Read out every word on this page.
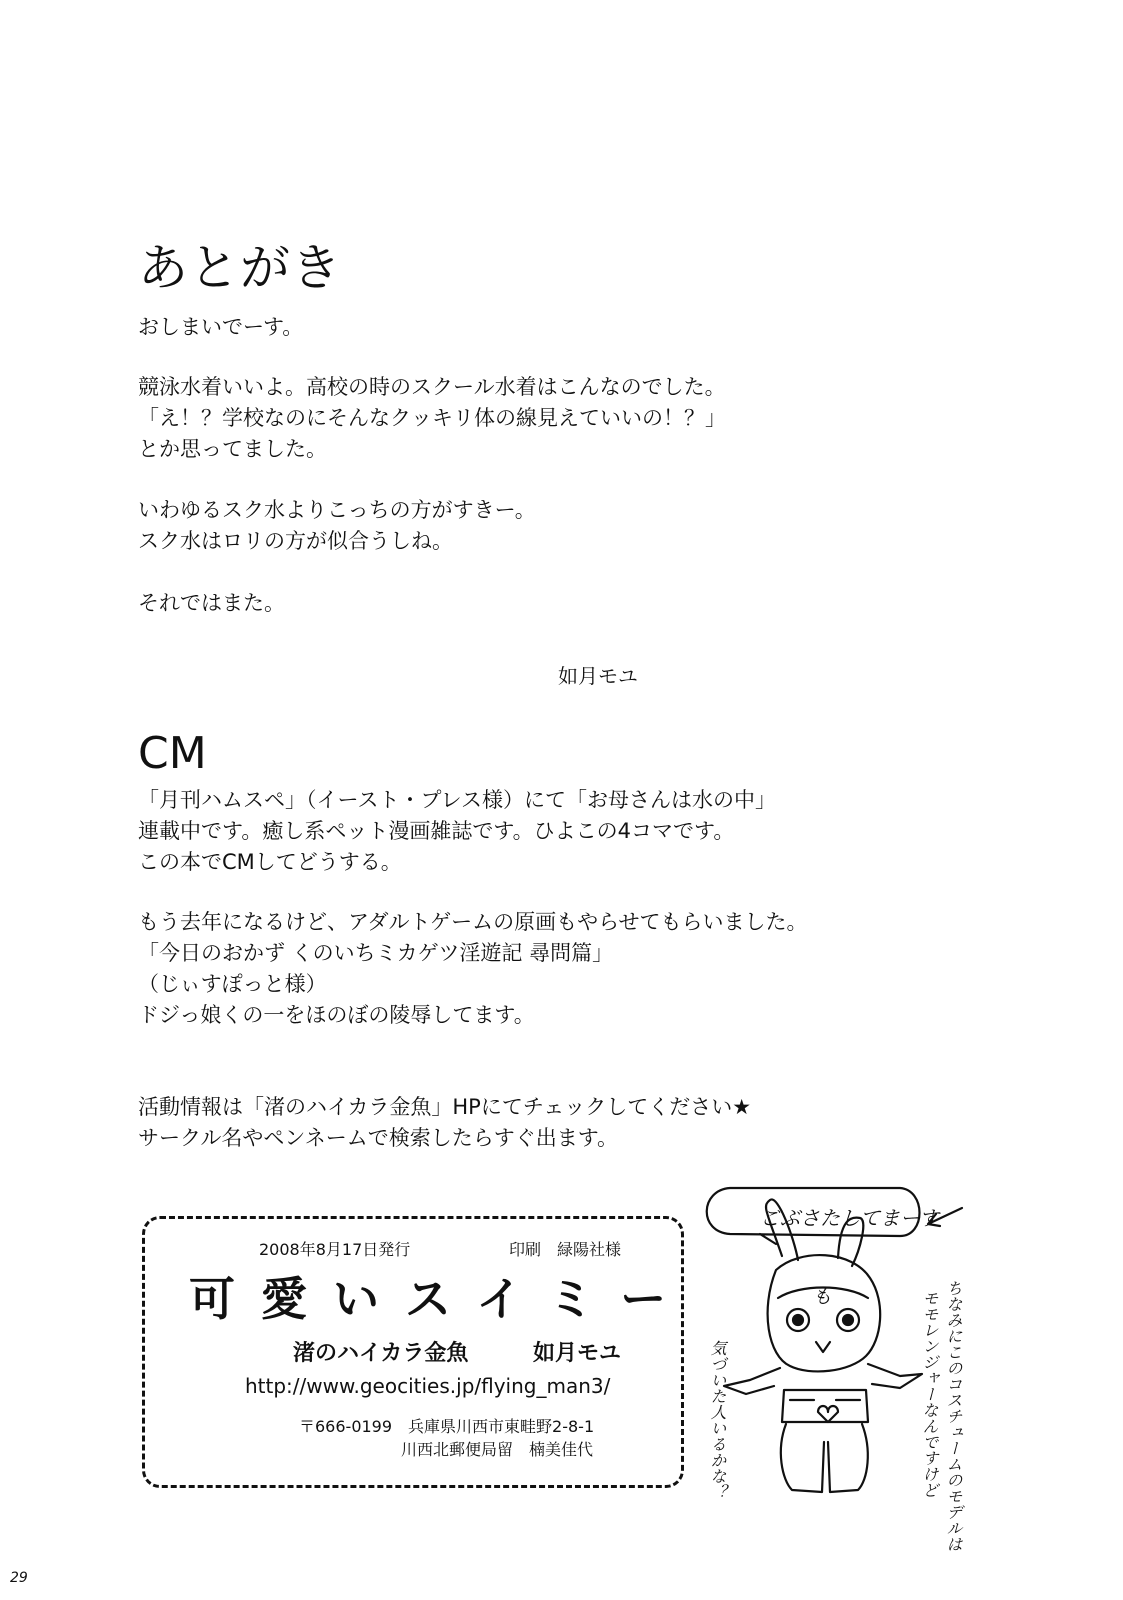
あとがき
おしまいでーす。
競泳水着いいよ。高校の時のスクール水着はこんなのでした。
「え！？学校なのにそんなクッキリ体の線見えていいの！？」
とか思ってました。
いわゆるスク水よりこっちの方がすきー。
スク水はロリの方が似合うしね。
それではまた。
如月モユ
CM
「月刊ハムスペ」（イースト・プレス様）にて「お母さんは水の中」
連載中です。癒し系ペット漫画雑誌です。ひよこの4コマです。
この本でCMしてどうする。
もう去年になるけど、アダルトゲームの原画もやらせてもらいました。
「今日のおかず くのいちミカゲツ淫遊記 尋問篇」
（じぃすぽっと様）
ドジっ娘くの一をほのぼの陵辱してます。
活動情報は「渚のハイカラ金魚」HPにてチェックしてください★
サークル名やペンネームで検索したらすぐ出ます。
2008年8月17日発行	印刷　緑陽社様
可愛いスイミー
渚のハイカラ金魚	如月モユ
http://www.geocities.jp/flying_man3/
〒666-0199　兵庫県川西市東畦野2-8-1
川西北郵便局留　楠美佳代
ごぶさたしてまーす
も	ちなみにこのコスチュームのモデルは
モモレンジャーなんですけど
気づいた人いるかな？
29
